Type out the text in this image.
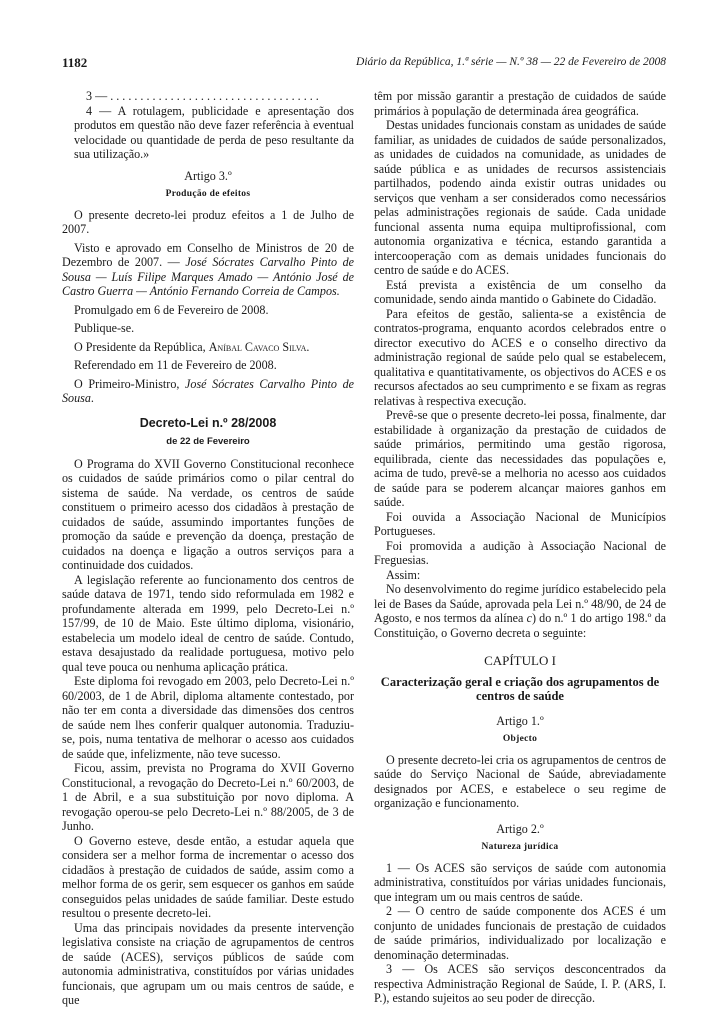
1182	Diário da República, 1.ª série — N.º 38 — 22 de Fevereiro de 2008

3 — . . . . . . . . . . . . . . . . . . . . . . . . . . . . . . . . . . .

4 — A rotulagem, publicidade e apresentação dos produtos em questão não deve fazer referência à eventual velocidade ou quantidade de perda de peso resultante da sua utilização.»

Artigo 3.º

Produção de efeitos

O presente decreto-lei produz efeitos a 1 de Julho de 2007.

Visto e aprovado em Conselho de Ministros de 20 de Dezembro de 2007. — José Sócrates Carvalho Pinto de Sousa — Luís Filipe Marques Amado — António José de Castro Guerra — António Fernando Correia de Campos.

Promulgado em 6 de Fevereiro de 2008.

Publique-se.

O Presidente da República, Aníbal Cavaco Silva.

Referendado em 11 de Fevereiro de 2008.

O Primeiro-Ministro, José Sócrates Carvalho Pinto de Sousa.

Decreto-Lei n.º 28/2008

de 22 de Fevereiro

O Programa do XVII Governo Constitucional reconhece os cuidados de saúde primários como o pilar central do sistema de saúde. Na verdade, os centros de saúde constituem o primeiro acesso dos cidadãos à prestação de cuidados de saúde, assumindo importantes funções de promoção da saúde e prevenção da doença, prestação de cuidados na doença e ligação a outros serviços para a continuidade dos cuidados.

A legislação referente ao funcionamento dos centros de saúde datava de 1971, tendo sido reformulada em 1982 e profundamente alterada em 1999, pelo Decreto-Lei n.º 157/99, de 10 de Maio. Este último diploma, visionário, estabelecia um modelo ideal de centro de saúde. Contudo, estava desajustado da realidade portuguesa, motivo pelo qual teve pouca ou nenhuma aplicação prática.

Este diploma foi revogado em 2003, pelo Decreto-Lei n.º 60/2003, de 1 de Abril, diploma altamente contestado, por não ter em conta a diversidade das dimensões dos centros de saúde nem lhes conferir qualquer autonomia. Traduziu-se, pois, numa tentativa de melhorar o acesso aos cuidados de saúde que, infelizmente, não teve sucesso.

Ficou, assim, prevista no Programa do XVII Governo Constitucional, a revogação do Decreto-Lei n.º 60/2003, de 1 de Abril, e a sua substituição por novo diploma. A revogação operou-se pelo Decreto-Lei n.º 88/2005, de 3 de Junho.

O Governo esteve, desde então, a estudar aquela que considera ser a melhor forma de incrementar o acesso dos cidadãos à prestação de cuidados de saúde, assim como a melhor forma de os gerir, sem esquecer os ganhos em saúde conseguidos pelas unidades de saúde familiar. Deste estudo resultou o presente decreto-lei.

Uma das principais novidades da presente intervenção legislativa consiste na criação de agrupamentos de centros de saúde (ACES), serviços públicos de saúde com autonomia administrativa, constituídos por várias unidades funcionais, que agrupam um ou mais centros de saúde, e que

têm por missão garantir a prestação de cuidados de saúde primários à população de determinada área geográfica.

Destas unidades funcionais constam as unidades de saúde familiar, as unidades de cuidados de saúde personalizados, as unidades de cuidados na comunidade, as unidades de saúde pública e as unidades de recursos assistenciais partilhados, podendo ainda existir outras unidades ou serviços que venham a ser considerados como necessários pelas administrações regionais de saúde. Cada unidade funcional assenta numa equipa multiprofissional, com autonomia organizativa e técnica, estando garantida a intercooperação com as demais unidades funcionais do centro de saúde e do ACES.

Está prevista a existência de um conselho da comunidade, sendo ainda mantido o Gabinete do Cidadão.

Para efeitos de gestão, salienta-se a existência de contratos-programa, enquanto acordos celebrados entre o director executivo do ACES e o conselho directivo da administração regional de saúde pelo qual se estabelecem, qualitativa e quantitativamente, os objectivos do ACES e os recursos afectados ao seu cumprimento e se fixam as regras relativas à respectiva execução.

Prevê-se que o presente decreto-lei possa, finalmente, dar estabilidade à organização da prestação de cuidados de saúde primários, permitindo uma gestão rigorosa, equilibrada, ciente das necessidades das populações e, acima de tudo, prevê-se a melhoria no acesso aos cuidados de saúde para se poderem alcançar maiores ganhos em saúde.

Foi ouvida a Associação Nacional de Municípios Portugueses.

Foi promovida a audição à Associação Nacional de Freguesias.

Assim:

No desenvolvimento do regime jurídico estabelecido pela lei de Bases da Saúde, aprovada pela Lei n.º 48/90, de 24 de Agosto, e nos termos da alínea c) do n.º 1 do artigo 198.º da Constituição, o Governo decreta o seguinte:

CAPÍTULO I

Caracterização geral e criação dos agrupamentos de centros de saúde

Artigo 1.º

Objecto

O presente decreto-lei cria os agrupamentos de centros de saúde do Serviço Nacional de Saúde, abreviadamente designados por ACES, e estabelece o seu regime de organização e funcionamento.

Artigo 2.º

Natureza jurídica

1 — Os ACES são serviços de saúde com autonomia administrativa, constituídos por várias unidades funcionais, que integram um ou mais centros de saúde.

2 — O centro de saúde componente dos ACES é um conjunto de unidades funcionais de prestação de cuidados de saúde primários, individualizado por localização e denominação determinadas.

3 — Os ACES são serviços desconcentrados da respectiva Administração Regional de Saúde, I. P. (ARS, I. P.), estando sujeitos ao seu poder de direcção.
